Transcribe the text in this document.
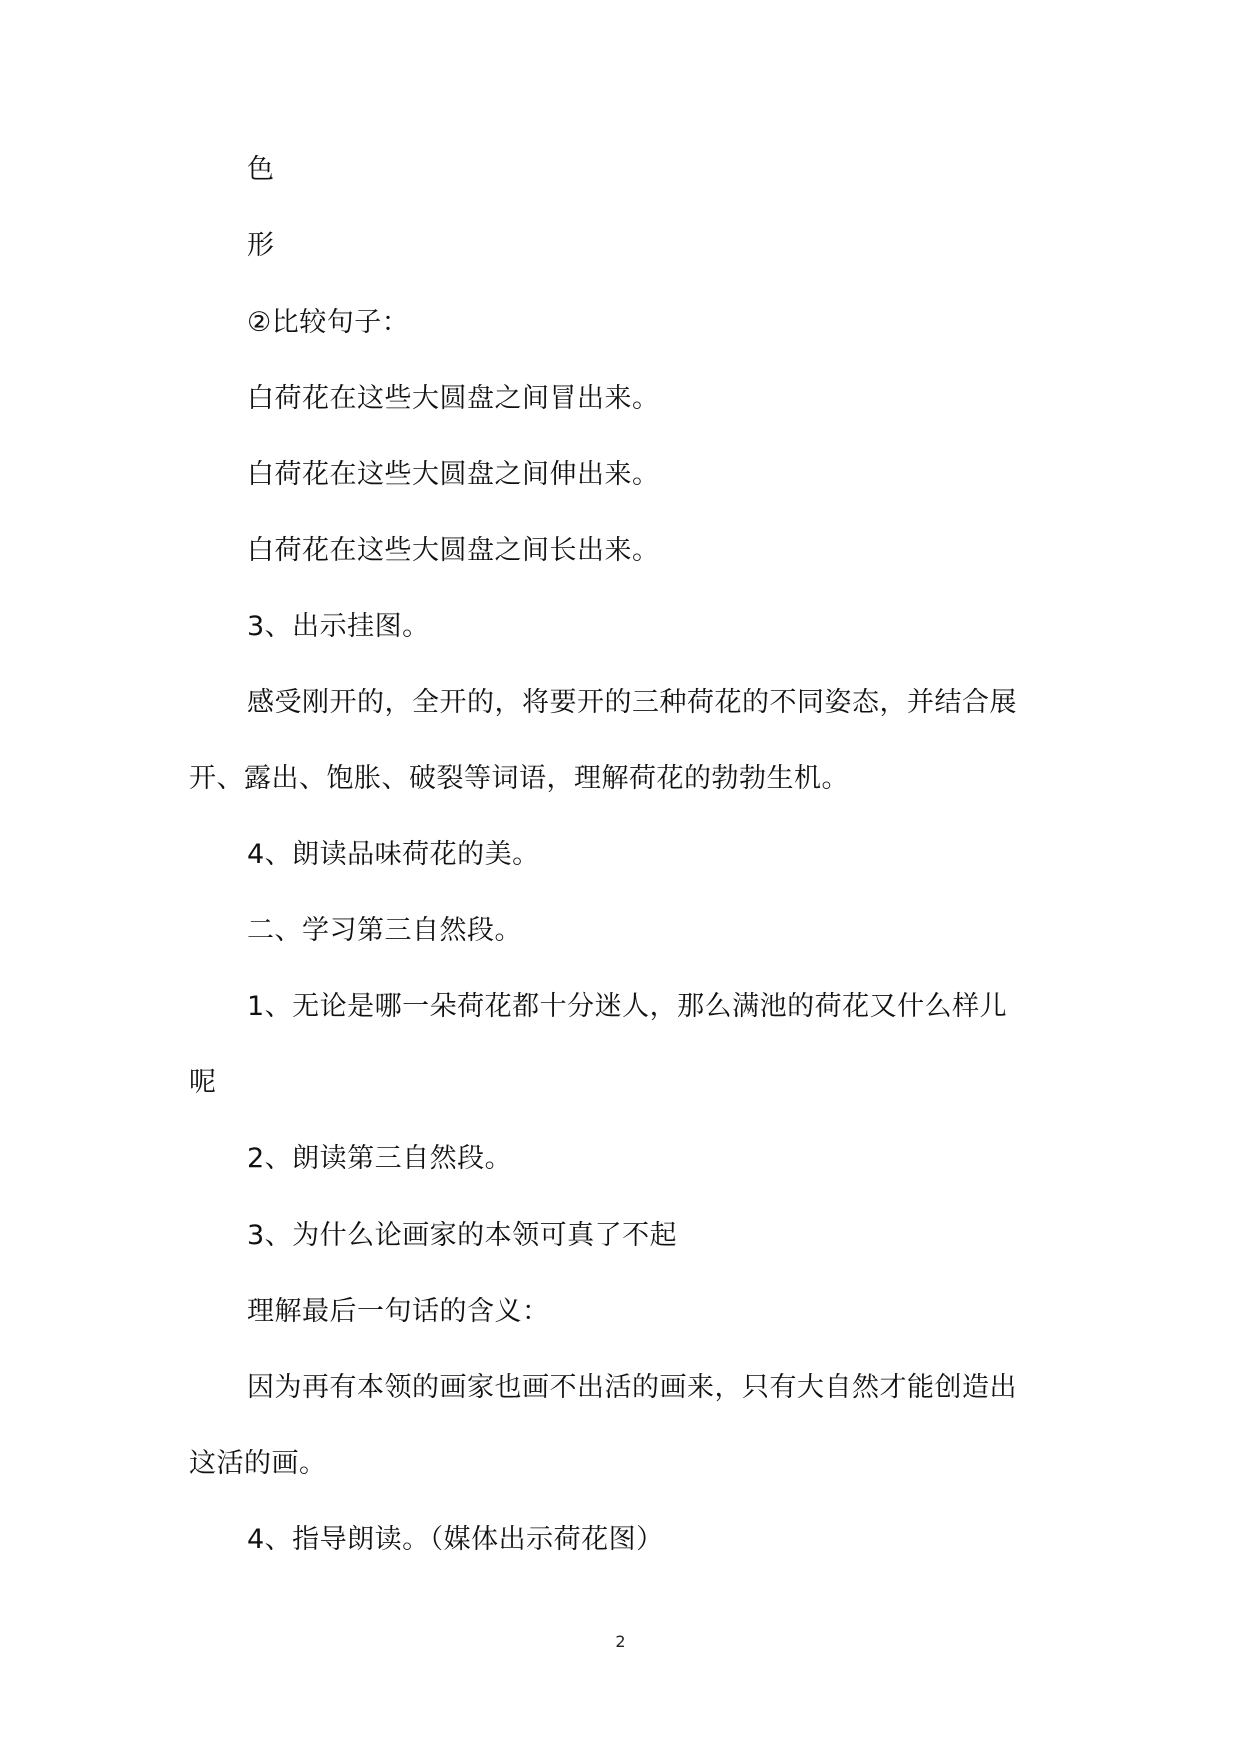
色
形
②比较句子：
白荷花在这些大圆盘之间冒出来。
白荷花在这些大圆盘之间伸出来。
白荷花在这些大圆盘之间长出来。
3、出示挂图。
感受刚开的，全开的，将要开的三种荷花的不同姿态，并结合展
开、露出、饱胀、破裂等词语，理解荷花的勃勃生机。
4、朗读品味荷花的美。
二、学习第三自然段。
1、无论是哪一朵荷花都十分迷人，那么满池的荷花又什么样儿
呢
2、朗读第三自然段。
3、为什么论画家的本领可真了不起
理解最后一句话的含义：
因为再有本领的画家也画不出活的画来，只有大自然才能创造出
这活的画。
4、指导朗读。（媒体出示荷花图）
2
